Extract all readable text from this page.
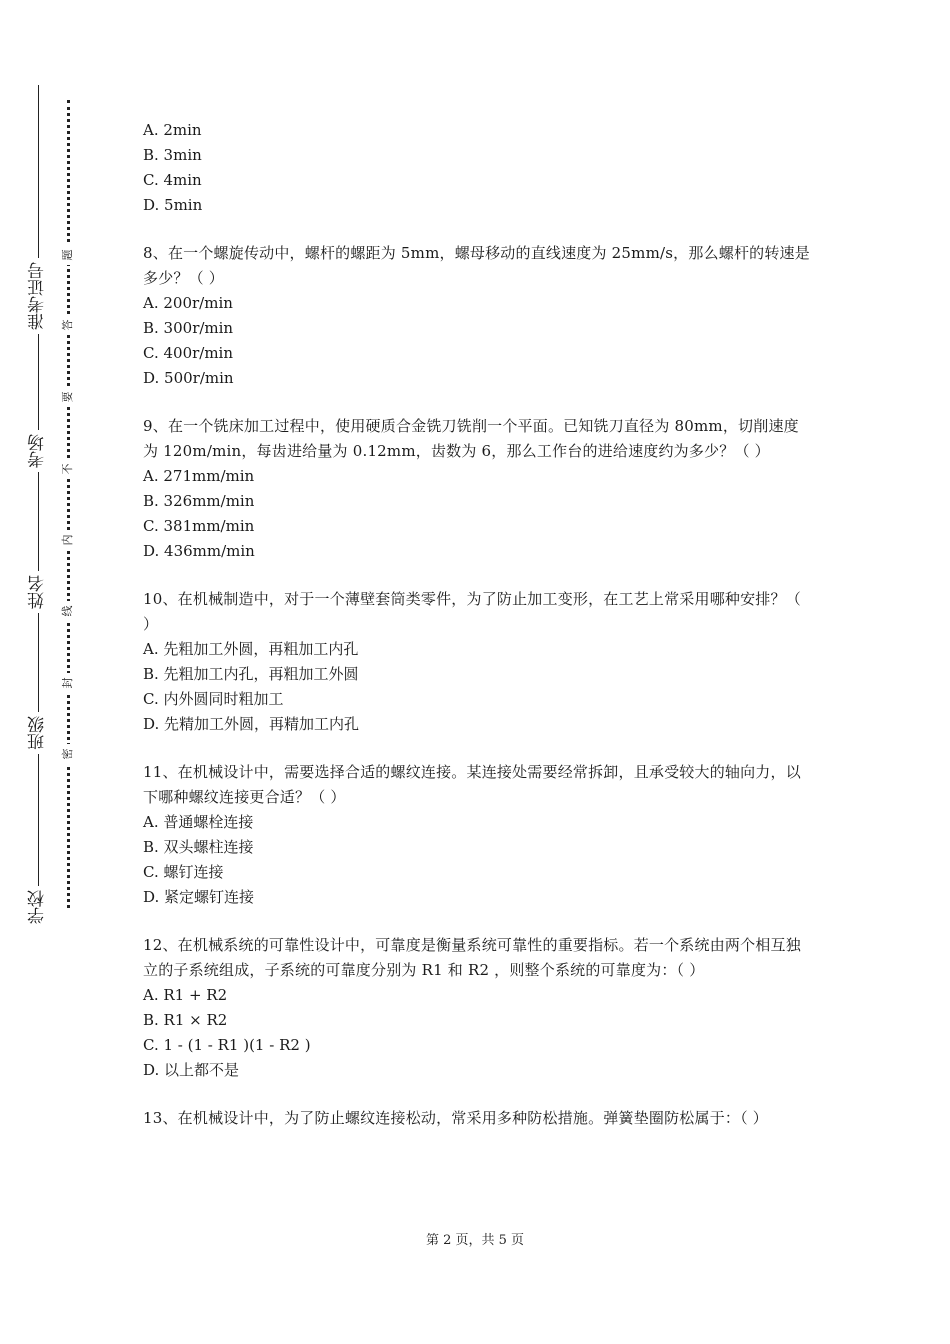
准考证号
考场
姓名
班级
学校
题
答
要
不
内
线
封
密
A. 2min
B. 3min
C. 4min
D. 5min
8、在一个螺旋传动中，螺杆的螺距为 5mm，螺母移动的直线速度为 25mm/s，那么螺杆的转速是多少？（ ）
A. 200r/min
B. 300r/min
C. 400r/min
D. 500r/min
9、在一个铣床加工过程中，使用硬质合金铣刀铣削一个平面。已知铣刀直径为 80mm，切削速度为 120m/min，每齿进给量为 0.12mm，齿数为 6，那么工作台的进给速度约为多少？（ ）
A. 271mm/min
B. 326mm/min
C. 381mm/min
D. 436mm/min
10、在机械制造中，对于一个薄壁套筒类零件，为了防止加工变形，在工艺上常采用哪种安排？（ ）
A. 先粗加工外圆，再粗加工内孔
B. 先粗加工内孔，再粗加工外圆
C. 内外圆同时粗加工
D. 先精加工外圆，再精加工内孔
11、在机械设计中，需要选择合适的螺纹连接。某连接处需要经常拆卸，且承受较大的轴向力，以下哪种螺纹连接更合适？（ ）
A. 普通螺栓连接
B. 双头螺柱连接
C. 螺钉连接
D. 紧定螺钉连接
12、在机械系统的可靠性设计中，可靠度是衡量系统可靠性的重要指标。若一个系统由两个相互独立的子系统组成，子系统的可靠度分别为 R1 和 R2 ，则整个系统的可靠度为：（ ）
A. R1 + R2
B. R1 × R2
C. 1 - (1 - R1 )(1 - R2 )
D. 以上都不是
13、在机械设计中，为了防止螺纹连接松动，常采用多种防松措施。弹簧垫圈防松属于：（ ）
第 2 页，共 5 页
